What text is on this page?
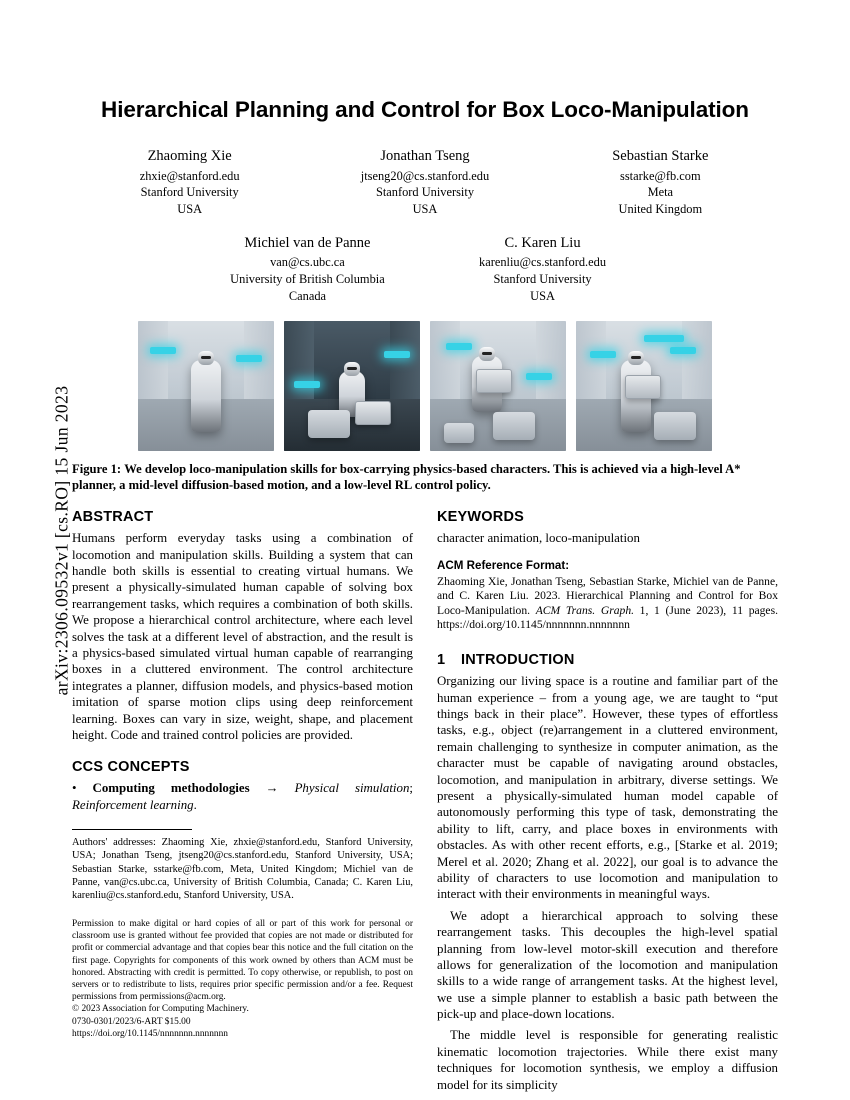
arXiv:2306.09532v1 [cs.RO] 15 Jun 2023
Hierarchical Planning and Control for Box Loco-Manipulation
Zhaoming Xie
zhxie@stanford.edu
Stanford University
USA
Jonathan Tseng
jtseng20@cs.stanford.edu
Stanford University
USA
Sebastian Starke
sstarke@fb.com
Meta
United Kingdom
Michiel van de Panne
van@cs.ubc.ca
University of British Columbia
Canada
C. Karen Liu
karenliu@cs.stanford.edu
Stanford University
USA

Figure 1: We develop loco-manipulation skills for box-carrying physics-based characters. This is achieved via a high-level A* planner, a mid-level diffusion-based motion, and a low-level RL control policy.

ABSTRACT

Humans perform everyday tasks using a combination of locomotion and manipulation skills. Building a system that can handle both skills is essential to creating virtual humans. We present a physically-simulated human capable of solving box rearrangement tasks, which requires a combination of both skills. We propose a hierarchical control architecture, where each level solves the task at a different level of abstraction, and the result is a physics-based simulated virtual human capable of rearranging boxes in a cluttered environment. The control architecture integrates a planner, diffusion models, and physics-based motion imitation of sparse motion clips using deep reinforcement learning. Boxes can vary in size, weight, shape, and placement height. Code and trained control policies are provided.

CCS CONCEPTS

• Computing methodologies → Physical simulation; Reinforcement learning.

Authors' addresses: Zhaoming Xie, zhxie@stanford.edu, Stanford University, USA; Jonathan Tseng, jtseng20@cs.stanford.edu, Stanford University, USA; Sebastian Starke, sstarke@fb.com, Meta, United Kingdom; Michiel van de Panne, van@cs.ubc.ca, University of British Columbia, Canada; C. Karen Liu, karenliu@cs.stanford.edu, Stanford University, USA.

Permission to make digital or hard copies of all or part of this work for personal or classroom use is granted without fee provided that copies are not made or distributed for profit or commercial advantage and that copies bear this notice and the full citation on the first page. Copyrights for components of this work owned by others than ACM must be honored. Abstracting with credit is permitted. To copy otherwise, or republish, to post on servers or to redistribute to lists, requires prior specific permission and/or a fee. Request permissions from permissions@acm.org.
© 2023 Association for Computing Machinery.
0730-0301/2023/6-ART $15.00
https://doi.org/10.1145/nnnnnnn.nnnnnnn

KEYWORDS

character animation, loco-manipulation

ACM Reference Format:

Zhaoming Xie, Jonathan Tseng, Sebastian Starke, Michiel van de Panne, and C. Karen Liu. 2023. Hierarchical Planning and Control for Box Loco-Manipulation. ACM Trans. Graph. 1, 1 (June 2023), 11 pages. https://doi.org/10.1145/nnnnnnn.nnnnnnn

1 INTRODUCTION

Organizing our living space is a routine and familiar part of the human experience – from a young age, we are taught to “put things back in their place”. However, these types of effortless tasks, e.g., object (re)arrangement in a cluttered environment, remain challenging to synthesize in computer animation, as the character must be capable of navigating around obstacles, locomotion, and manipulation in arbitrary, diverse settings. We present a physically-simulated human model capable of autonomously performing this type of task, demonstrating the ability to lift, carry, and place boxes in environments with obstacles. As with other recent efforts, e.g., [Starke et al. 2019; Merel et al. 2020; Zhang et al. 2022], our goal is to advance the ability of characters to use locomotion and manipulation to interact with their environments in meaningful ways.

We adopt a hierarchical approach to solving these rearrangement tasks. This decouples the high-level spatial planning from low-level motor-skill execution and therefore allows for generalization of the locomotion and manipulation skills to a wide range of arrangement tasks. At the highest level, we use a simple planner to establish a basic path between the pick-up and place-down locations.

The middle level is responsible for generating realistic kinematic locomotion trajectories. While there exist many techniques for locomotion synthesis, we employ a diffusion model for its simplicity
